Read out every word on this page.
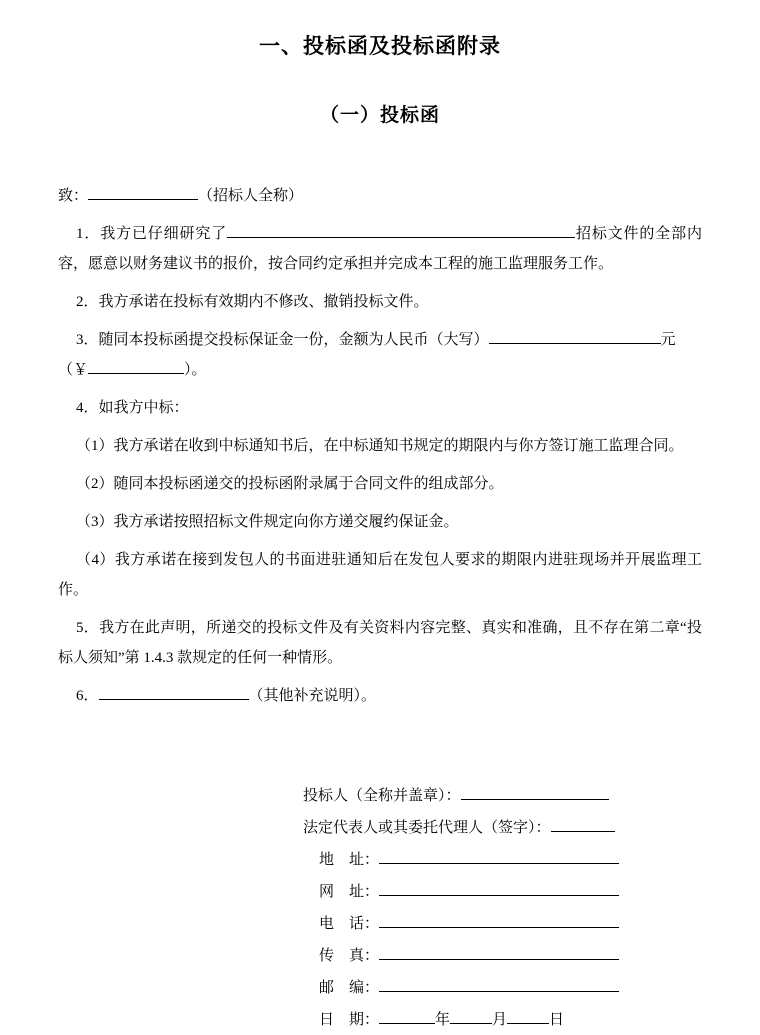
一、投标函及投标函附录
（一）投标函

致：	（招标人全称）

1．我方已仔细研究了	招标文件的全部内容，愿意以财务建议书的报价，按合同约定承担并完成本工程的施工监理服务工作。

2．我方承诺在投标有效期内不修改、撤销投标文件。

3．随同本投标函提交投标保证金一份，金额为人民币（大写）	元
（￥	）。

4．如我方中标：

（1）我方承诺在收到中标通知书后，在中标通知书规定的期限内与你方签订施工监理合同。

（2）随同本投标函递交的投标函附录属于合同文件的组成部分。

（3）我方承诺按照招标文件规定向你方递交履约保证金。

（4）我方承诺在接到发包人的书面进驻通知后在发包人要求的期限内进驻现场并开展监理工作。

5．我方在此声明，所递交的投标文件及有关资料内容完整、真实和准确，且不存在第二章“投标人须知”第 1.4.3 款规定的任何一种情形。

6．	（其他补充说明）。

投标人（全称并盖章）：
法定代表人或其委托代理人（签字）：
地　址：
网　址：
电　话：
传　真：
邮　编：
日　期：	年	月	日
